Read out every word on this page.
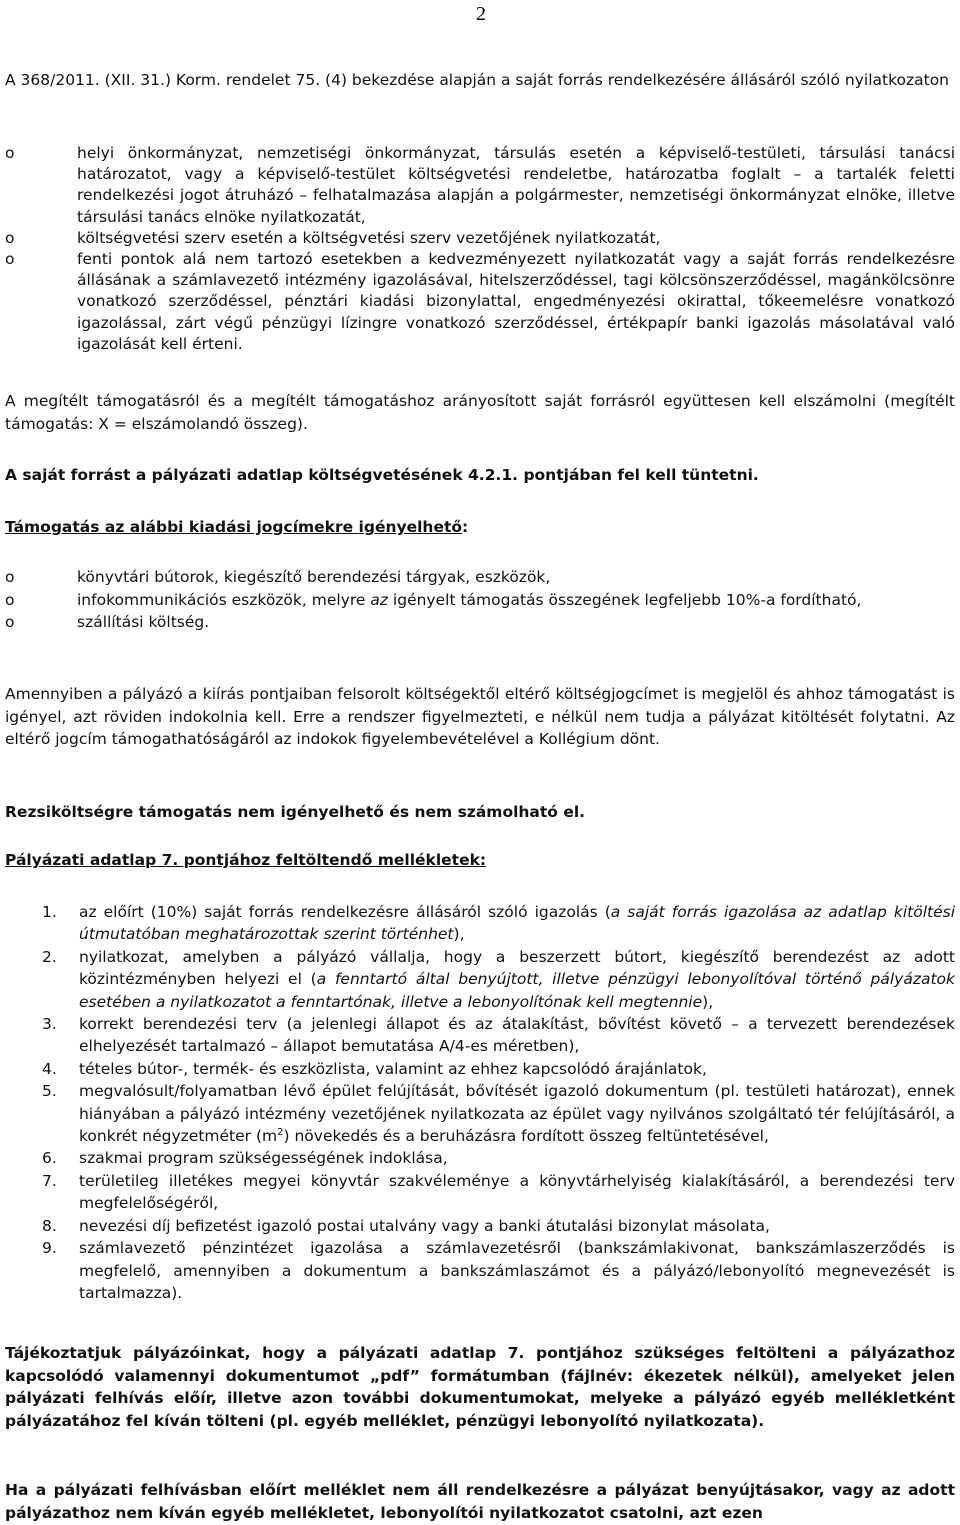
2

A 368/2011. (XII. 31.) Korm. rendelet 75. (4) bekezdése alapján a saját forrás rendelkezésére állásáról szóló nyilatkozaton

o	helyi önkormányzat, nemzetiségi önkormányzat, társulás esetén a képviselő-testületi, társulási tanácsi határozatot, vagy a képviselő-testület költségvetési rendeletbe, határozatba foglalt – a tartalék feletti rendelkezési jogot átruházó – felhatalmazása alapján a polgármester, nemzetiségi önkormányzat elnöke, illetve társulási tanács elnöke nyilatkozatát,
o	költségvetési szerv esetén a költségvetési szerv vezetőjének nyilatkozatát,
o	fenti pontok alá nem tartozó esetekben a kedvezményezett nyilatkozatát vagy a saját forrás rendelkezésre állásának a számlavezető intézmény igazolásával, hitelszerződéssel, tagi kölcsönszerződéssel, magánkölcsönre vonatkozó szerződéssel, pénztári kiadási bizonylattal, engedményezési okirattal, tőkeemelésre vonatkozó igazolással, zárt végű pénzügyi lízingre vonatkozó szerződéssel, értékpapír banki igazolás másolatával való igazolását kell érteni.

A megítélt támogatásról és a megítélt támogatáshoz arányosított saját forrásról együttesen kell elszámolni (megítélt támogatás: X = elszámolandó összeg).

A saját forrást a pályázati adatlap költségvetésének 4.2.1. pontjában fel kell tüntetni.

Támogatás az alábbi kiadási jogcímekre igényelhető:

o	könyvtári bútorok, kiegészítő berendezési tárgyak, eszközök,
o	infokommunikációs eszközök, melyre az igényelt támogatás összegének legfeljebb 10%-a fordítható,
o	szállítási költség.

Amennyiben a pályázó a kiírás pontjaiban felsorolt költségektől eltérő költségjogcímet is megjelöl és ahhoz támogatást is igényel, azt röviden indokolnia kell. Erre a rendszer figyelmezteti, e nélkül nem tudja a pályázat kitöltését folytatni. Az eltérő jogcím támogathatóságáról az indokok figyelembevételével a Kollégium dönt.

Rezsiköltségre támogatás nem igényelhető és nem számolható el.

Pályázati adatlap 7. pontjához feltöltendő mellékletek:

1. az előírt (10%) saját forrás rendelkezésre állásáról szóló igazolás (a saját forrás igazolása az adatlap kitöltési útmutatóban meghatározottak szerint történhet),
2. nyilatkozat, amelyben a pályázó vállalja, hogy a beszerzett bútort, kiegészítő berendezést az adott közintézményben helyezi el (a fenntartó által benyújtott, illetve pénzügyi lebonyolítóval történő pályázatok esetében a nyilatkozatot a fenntartónak, illetve a lebonyolítónak kell megtennie),
3. korrekt berendezési terv (a jelenlegi állapot és az átalakítást, bővítést követő – a tervezett berendezések elhelyezését tartalmazó – állapot bemutatása A/4-es méretben),
4. tételes bútor-, termék- és eszközlista, valamint az ehhez kapcsolódó árajánlatok,
5. megvalósult/folyamatban lévő épület felújítását, bővítését igazoló dokumentum (pl. testületi határozat), ennek hiányában a pályázó intézmény vezetőjének nyilatkozata az épület vagy nyilvános szolgáltató tér felújításáról, a konkrét négyzetméter $(m^2)$ növekedés és a beruházásra fordított összeg feltüntetésével,
6. szakmai program szükségességének indoklása,
7. területileg illetékes megyei könyvtár szakvéleménye a könyvtárhelyiség kialakításáról, a berendezési terv megfelelőségéről,
8. nevezési díj befizetést igazoló postai utalvány vagy a banki átutalási bizonylat másolata,
9. számlavezető pénzintézet igazolása a számlavezetésről (bankszámlakivonat, bankszámlaszerződés is megfelelő, amennyiben a dokumentum a bankszámlaszámot és a pályázó/lebonyolító megnevezését is tartalmazza).

Tájékoztatjuk pályázóinkat, hogy a pályázati adatlap 7. pontjához szükséges feltölteni a pályázathoz kapcsolódó valamennyi dokumentumot „pdf” formátumban (fájlnév: ékezetek nélkül), amelyeket jelen pályázati felhívás előír, illetve azon további dokumentumokat, melyeke a pályázó egyéb mellékletként pályázatához fel kíván tölteni (pl. egyéb melléklet, pénzügyi lebonyolító nyilatkozata).

Ha a pályázati felhívásban előírt melléklet nem áll rendelkezésre a pályázat benyújtásakor, vagy az adott pályázathoz nem kíván egyéb mellékletet, lebonyolítói nyilatkozatot csatolni, azt ezen
